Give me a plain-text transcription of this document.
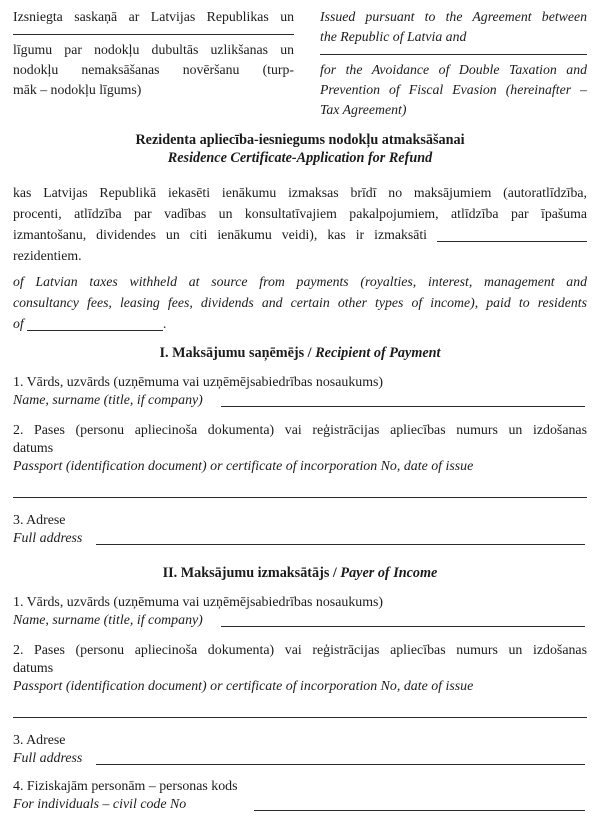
Izsniegta saskaņā ar Latvijas Republikas un
līgumu par nodokļu dubultās uzlikšanas un
nodokļu nemaksāšanas novēršanu (turp-
māk – nodokļu līgums)
Issued pursuant to the Agreement between
the Republic of Latvia and
for the Avoidance of Double Taxation and
Prevention of Fiscal Evasion (hereinafter –
Tax Agreement)
Rezidenta apliecība-iesniegums nodokļu atmaksāšanai
Residence Certificate-Application for Refund
kas Latvijas Republikā iekasēti ienākumu izmaksas brīdī no maksājumiem (autoratlīdzība,
procenti, atlīdzība par vadības un konsultatīvajiem pakalpojumiem, atlīdzība par īpašuma
izmantošanu, dividendes un citi ienākumu veidi), kas ir izmaksāti
rezidentiem.
of Latvian taxes withheld at source from payments (royalties, interest, management and
consultancy fees, leasing fees, dividends and certain other types of income), paid to residents
of	.
I. Maksājumu saņēmējs / Recipient of Payment
1. Vārds, uzvārds (uzņēmuma vai uzņēmējsabiedrības nosaukums)
Name, surname (title, if company)
2. Pases (personu apliecinoša dokumenta) vai reģistrācijas apliecības numurs un izdošanas
datums
Passport (identification document) or certificate of incorporation No, date of issue
3. Adrese
Full address
II. Maksājumu izmaksātājs / Payer of Income
1. Vārds, uzvārds (uzņēmuma vai uzņēmējsabiedrības nosaukums)
Name, surname (title, if company)
2. Pases (personu apliecinoša dokumenta) vai reģistrācijas apliecības numurs un izdošanas
datums
Passport (identification document) or certificate of incorporation No, date of issue
3. Adrese
Full address
4. Fiziskajām personām – personas kods
For individuals – civil code No
